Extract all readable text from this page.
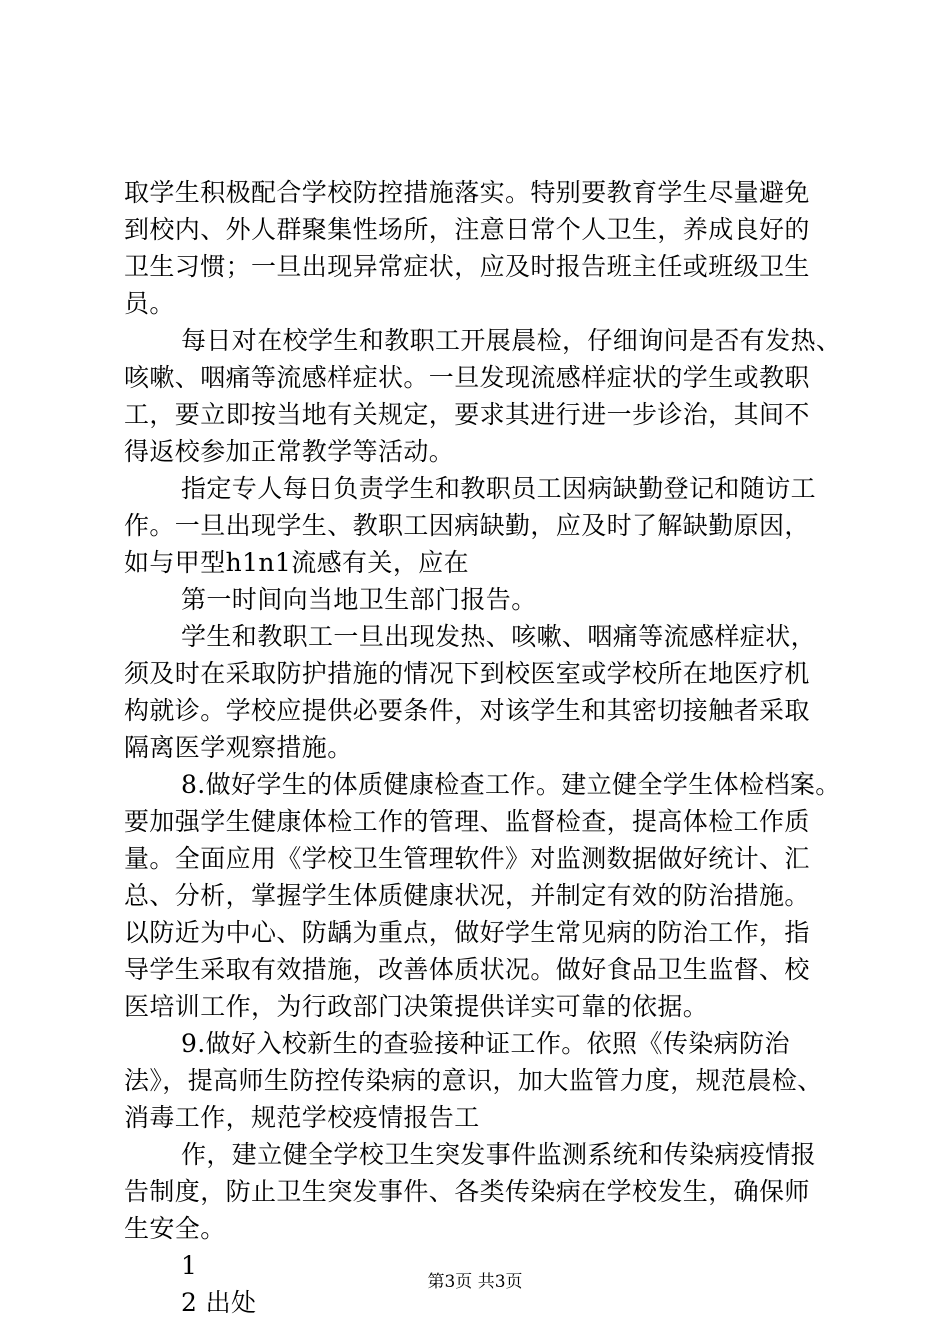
取学生积极配合学校防控措施落实。特别要教育学生尽量避免
到校内、外人群聚集性场所，注意日常个人卫生，养成良好的
卫生习惯；一旦出现异常症状，应及时报告班主任或班级卫生
员。
每日对在校学生和教职工开展晨检，仔细询问是否有发热、
咳嗽、咽痛等流感样症状。一旦发现流感样症状的学生或教职
工，要立即按当地有关规定，要求其进行进一步诊治，其间不
得返校参加正常教学等活动。
指定专人每日负责学生和教职员工因病缺勤登记和随访工
作。一旦出现学生、教职工因病缺勤，应及时了解缺勤原因，
如与甲型h1n1流感有关，应在
第一时间向当地卫生部门报告。
学生和教职工一旦出现发热、咳嗽、咽痛等流感样症状，
须及时在采取防护措施的情况下到校医室或学校所在地医疗机
构就诊。学校应提供必要条件，对该学生和其密切接触者采取
隔离医学观察措施。
8.做好学生的体质健康检查工作。建立健全学生体检档案。
要加强学生健康体检工作的管理、监督检查，提高体检工作质
量。全面应用《学校卫生管理软件》对监测数据做好统计、汇
总、分析，掌握学生体质健康状况，并制定有效的防治措施。
以防近为中心、防龋为重点，做好学生常见病的防治工作，指
导学生采取有效措施，改善体质状况。做好食品卫生监督、校
医培训工作，为行政部门决策提供详实可靠的依据。
9.做好入校新生的查验接种证工作。依照《传染病防治
法》，提高师生防控传染病的意识，加大监管力度，规范晨检、
消毒工作，规范学校疫情报告工
作，建立健全学校卫生突发事件监测系统和传染病疫情报
告制度，防止卫生突发事件、各类传染病在学校发生，确保师
生安全。
1
2 出处
第3页 共3页
